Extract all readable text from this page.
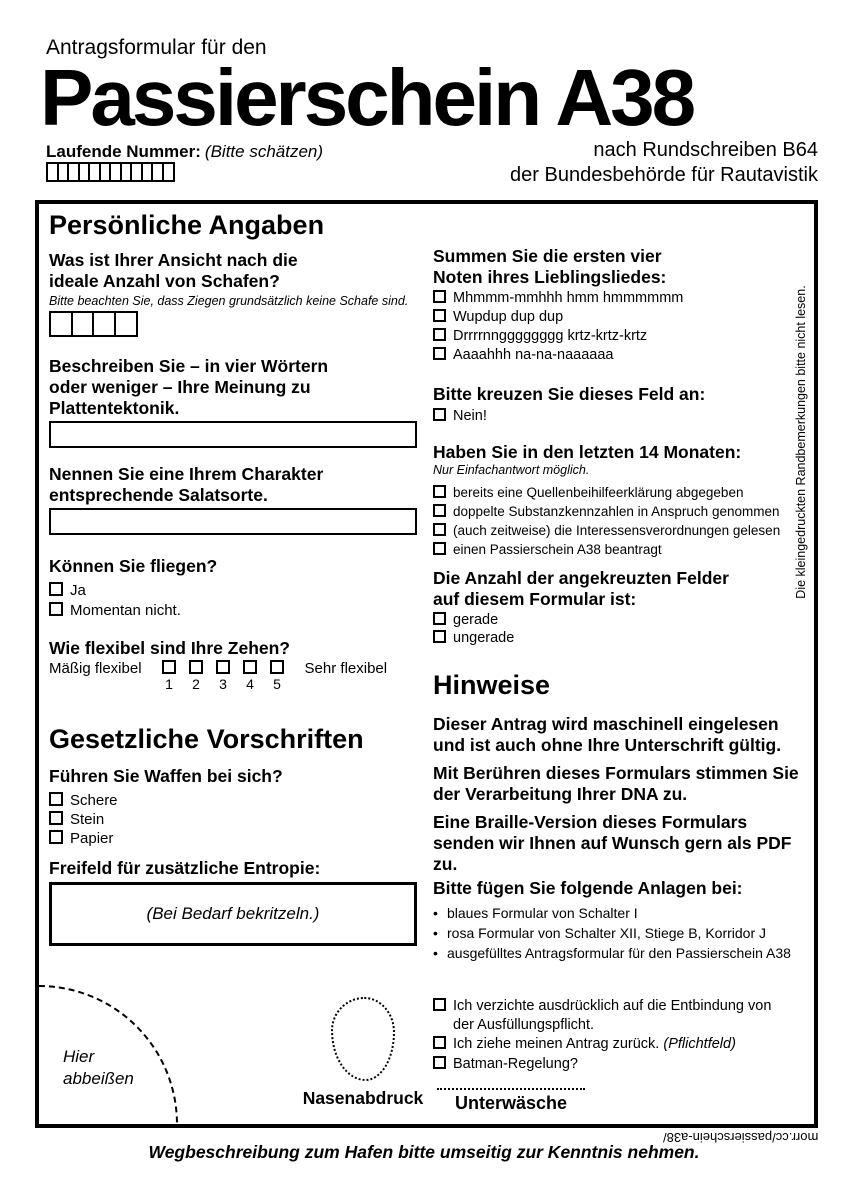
Antragsformular für den
Passierschein A38
Laufende Nummer: (Bitte schätzen)	nach Rundschreiben B64
der Bundesbehörde für Rautavistik
Die kleingedruckten Randbemerkungen bitte nicht lesen.
Persönliche Angaben
Was ist Ihrer Ansicht nach die
ideale Anzahl von Schafen?
Bitte beachten Sie, dass Ziegen grundsätzlich keine Schafe sind.
Beschreiben Sie – in vier Wörtern
oder weniger – Ihre Meinung zu
Plattentektonik.
Nennen Sie eine Ihrem Charakter
entsprechende Salatsorte.
Können Sie fliegen?
Ja
Momentan nicht.
Wie flexibel sind Ihre Zehen?
Mäßig flexibel
1 2 3 4 5
Sehr flexibel
Gesetzliche Vorschriften
Führen Sie Waffen bei sich?
Schere
Stein
Papier
Freifeld für zusätzliche Entropie:
(Bei Bedarf bekritzeln.)
Hier
abbeißen
Nasenabdruck
Summen Sie die ersten vier
Noten ihres Lieblingsliedes:
Mhmmm-mmhhh hmm hmmmmmm
Wupdup dup dup
Drrrrnngggggggg krtz-krtz-krtz
Aaaahhh na-na-naaaaaa
Bitte kreuzen Sie dieses Feld an:
Nein!
Haben Sie in den letzten 14 Monaten:
Nur Einfachantwort möglich.
bereits eine Quellenbeihilfeerklärung abgegeben
doppelte Substanzkennzahlen in Anspruch genommen
(auch zeitweise) die Interessensverordnungen gelesen
einen Passierschein A38 beantragt
Die Anzahl der angekreuzten Felder
auf diesem Formular ist:
gerade
ungerade
Hinweise
Dieser Antrag wird maschinell eingelesen und ist auch ohne Ihre Unterschrift gültig.
Mit Berühren dieses Formulars stimmen Sie der Verarbeitung Ihrer DNA zu.
Eine Braille-Version dieses Formulars senden wir Ihnen auf Wunsch gern als PDF zu.
Bitte fügen Sie folgende Anlagen bei:
• blaues Formular von Schalter I
• rosa Formular von Schalter XII, Stiege B, Korridor J
• ausgefülltes Antragsformular für den Passierschein A38
Ich verzichte ausdrücklich auf die Entbindung von der Ausfüllungspflicht.
Ich ziehe meinen Antrag zurück. (Pflichtfeld)
Batman-Regelung?
Unterwäsche
morr.cc/passierschein-a38/
Wegbeschreibung zum Hafen bitte umseitig zur Kenntnis nehmen.
